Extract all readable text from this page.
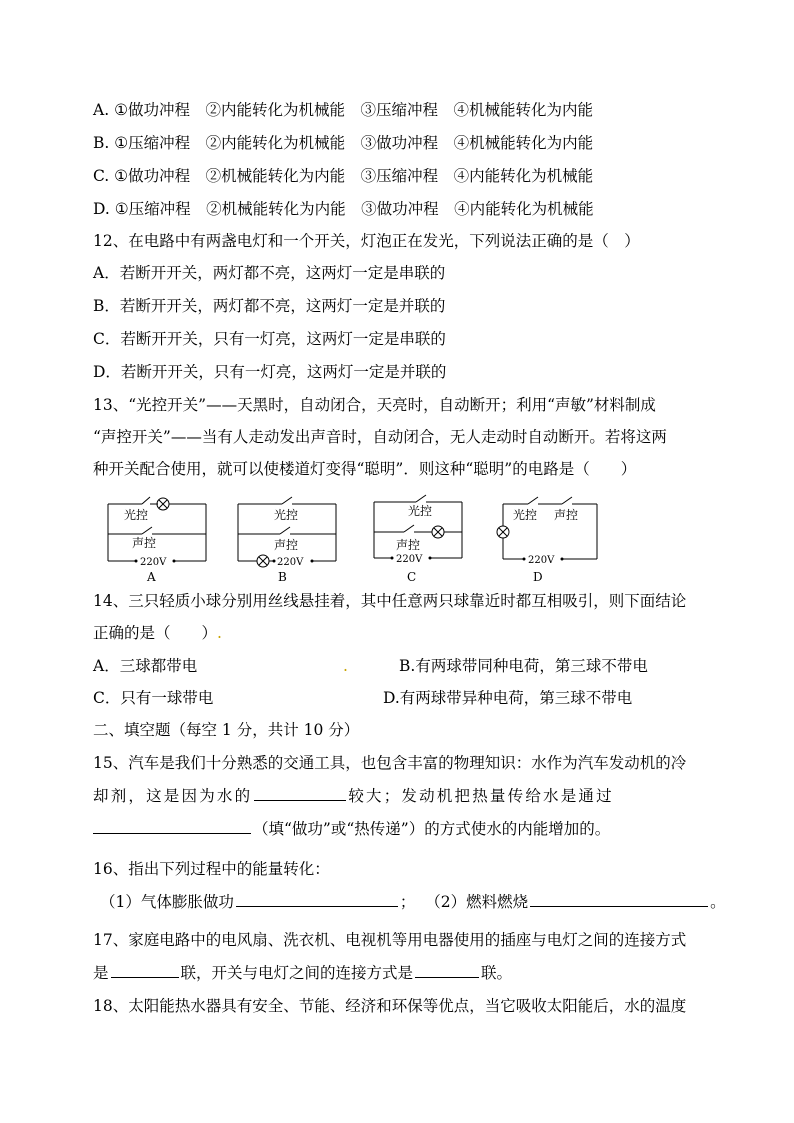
A. ①做功冲程　②内能转化为机械能　③压缩冲程　④机械能转化为内能
B. ①压缩冲程　②内能转化为机械能　③做功冲程　④机械能转化为内能
C. ①做功冲程　②机械能转化为内能　③压缩冲程　④内能转化为机械能
D. ①压缩冲程　②机械能转化为内能　③做功冲程　④内能转化为机械能
12、在电路中有两盏电灯和一个开关，灯泡正在发光，下列说法正确的是（　）
A．若断开开关，两灯都不亮，这两灯一定是串联的
B．若断开开关，两灯都不亮，这两灯一定是并联的
C．若断开开关，只有一灯亮，这两灯一定是串联的
D．若断开开关，只有一灯亮，这两灯一定是并联的
13、“光控开关”——天黑时，自动闭合，天亮时，自动断开；利用“声敏”材料制成
“声控开关”——当有人走动发出声音时，自动闭合，无人走动时自动断开。若将这两
种开关配合使用，就可以使楼道灯变得“聪明”．则这种“聪明”的电路是（　　）
光控
声控
220V
A
光控
声控
220V
B
光控
声控
220V
C
光控 声控
220V
D
14、三只轻质小球分别用丝线悬挂着，其中任意两只球靠近时都互相吸引，则下面结论
正确的是（　　）.
A．三球都带电	.	B.有两球带同种电荷，第三球不带电
C．只有一球带电	D.有两球带异种电荷，第三球不带电
二、填空题（每空 1 分，共计 10 分）
15、汽车是我们十分熟悉的交通工具，也包含丰富的物理知识：水作为汽车发动机的冷
却剂，这是因为水的	较大；发动机把热量传给水是通过
（填“做功”或“热传递”）的方式使水的内能增加的。
16、指出下列过程中的能量转化：
（1）气体膨胀做功	； （2）燃料燃烧	。
17、家庭电路中的电风扇、洗衣机、电视机等用电器使用的插座与电灯之间的连接方式
是	联，开关与电灯之间的连接方式是	联。
18、太阳能热水器具有安全、节能、经济和环保等优点，当它吸收太阳能后，水的温度
